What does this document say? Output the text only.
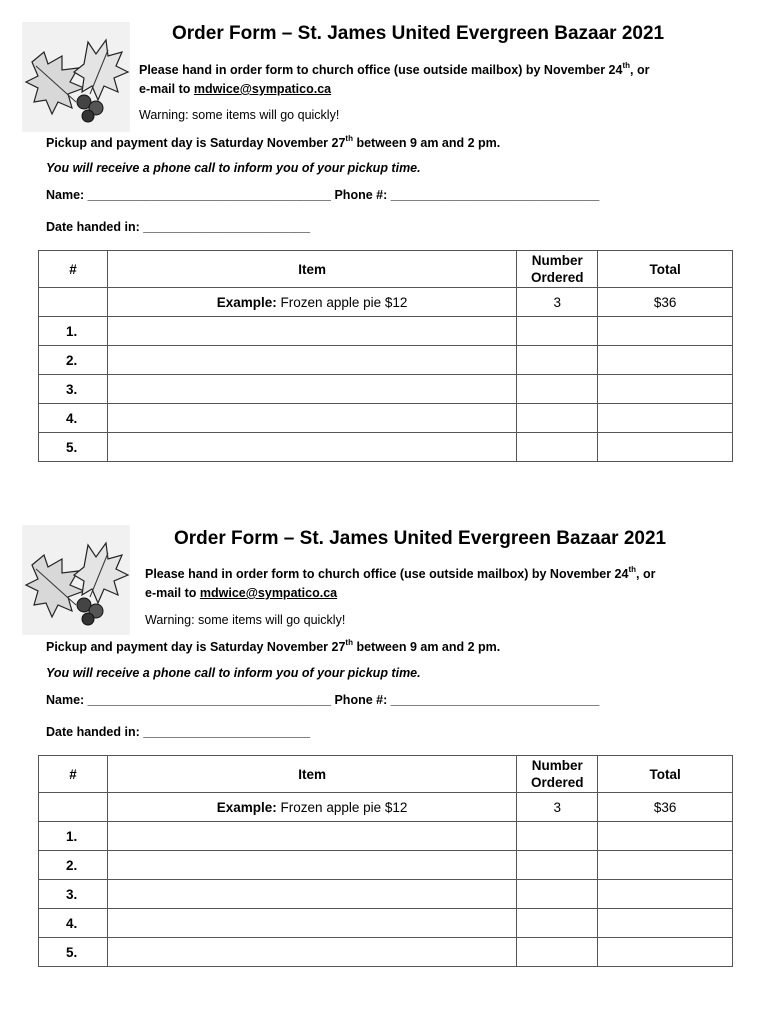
Order Form – St. James United Evergreen Bazaar 2021
Please hand in order form to church office (use outside mailbox) by November 24th, or
e-mail to mdwice@sympatico.ca
Warning: some items will go quickly!
Pickup and payment day is Saturday November 27th between 9 am and 2 pm.
You will receive a phone call to inform you of your pickup time.
Name: ___________________________________ Phone #: ______________________________
Date handed in: ________________________
#	Item	Number Ordered	Total
	Example: Frozen apple pie $12	3	$36
1.			
2.			
3.			
4.			
5.			
Order Form – St. James United Evergreen Bazaar 2021
Please hand in order form to church office (use outside mailbox) by November 24th, or
e-mail to mdwice@sympatico.ca
Warning: some items will go quickly!
Pickup and payment day is Saturday November 27th between 9 am and 2 pm.
You will receive a phone call to inform you of your pickup time.
Name: ___________________________________ Phone #: ______________________________
Date handed in: ________________________
#	Item	Number Ordered	Total
	Example: Frozen apple pie $12	3	$36
1.			
2.			
3.			
4.			
5.			
